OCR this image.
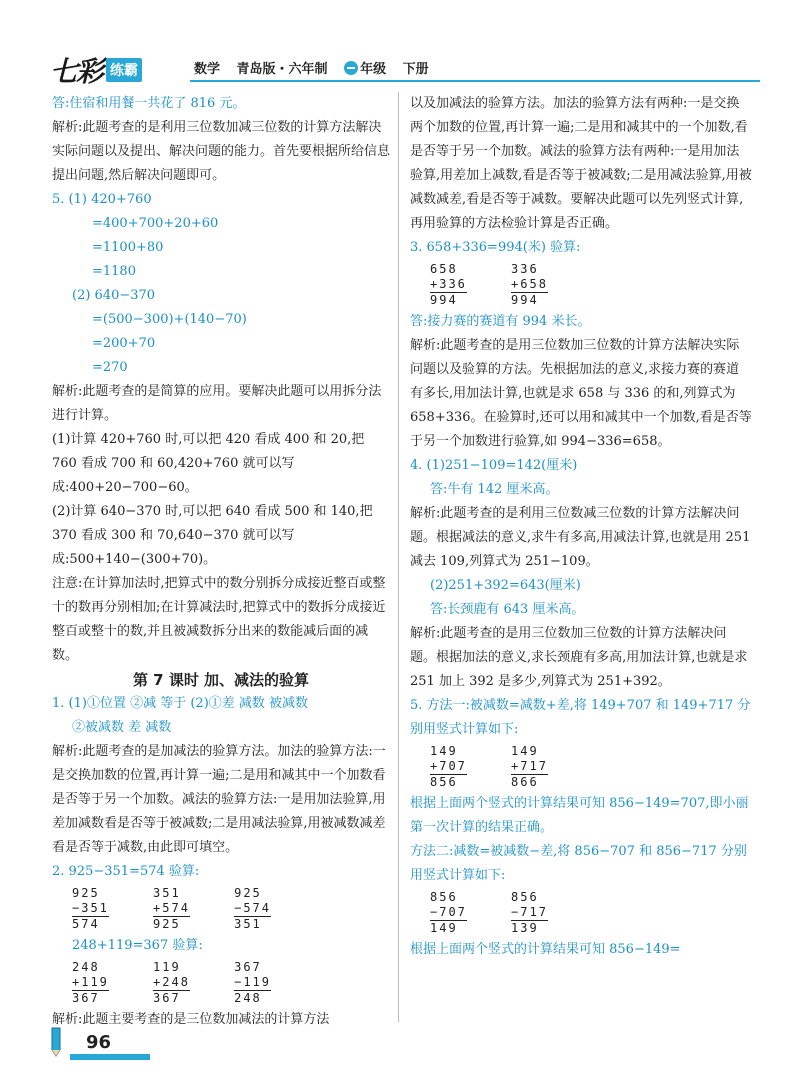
七彩 练霸	数学 青岛版・六年制	年级 下册

答:住宿和用餐一共花了 816 元。

解析:此题考查的是利用三位数加减三位数的计算方法解决实际问题以及提出、解决问题的能力。首先要根据所给信息提出问题,然后解决问题即可。

5. (1) 420+760

=400+700+20+60

=1100+80

=1180

(2) 640−370

=(500−300)+(140−70)

=200+70

=270

解析:此题考查的是简算的应用。要解决此题可以用拆分法进行计算。

(1)计算 420+760 时,可以把 420 看成 400 和 20,把 760 看成 700 和 60,420+760 就可以写成:400+20−700−60。

(2)计算 640−370 时,可以把 640 看成 500 和 140,把 370 看成 300 和 70,640−370 就可以写成:500+140−(300+70)。

注意:在计算加法时,把算式中的数分别拆分成接近整百或整十的数再分别相加;在计算减法时,把算式中的数拆分成接近整百或整十的数,并且被减数拆分出来的数能减后面的减数。

第 7 课时 加、减法的验算

1. (1)①位置 ②减 等于 (2)①差 减数 被减数

②被减数 差 减数

解析:此题考查的是加减法的验算方法。加法的验算方法:一是交换加数的位置,再计算一遍;二是用和减其中一个加数看是否等于另一个加数。减法的验算方法:一是用加法验算,用差加减数看是否等于被减数;二是用减法验算,用被减数减差看是否等于减数,由此即可填空。

2. 925−351=574 验算:

925
−351
574

351
+574
925

925
−574
351

248+119=367 验算:

248
+119
367

119
+248
367

367
−119
248

解析:此题主要考查的是三位数加减法的计算方法

以及加减法的验算方法。加法的验算方法有两种:一是交换两个加数的位置,再计算一遍;二是用和减其中的一个加数,看是否等于另一个加数。减法的验算方法有两种:一是用加法验算,用差加上减数,看是否等于被减数;二是用减法验算,用被减数减差,看是否等于减数。要解决此题可以先列竖式计算,再用验算的方法检验计算是否正确。

3. 658+336=994(米) 验算:

658
+336
994

336
+658
994

答:接力赛的赛道有 994 米长。

解析:此题考查的是用三位数加三位数的计算方法解决实际问题以及验算的方法。先根据加法的意义,求接力赛的赛道有多长,用加法计算,也就是求 658 与 336 的和,列算式为 658+336。在验算时,还可以用和减其中一个加数,看是否等于另一个加数进行验算,如 994−336=658。

4. (1)251−109=142(厘米)

答:牛有 142 厘米高。

解析:此题考查的是利用三位数减三位数的计算方法解决问题。根据减法的意义,求牛有多高,用减法计算,也就是用 251 减去 109,列算式为 251−109。

(2)251+392=643(厘米)

答:长颈鹿有 643 厘米高。

解析:此题考查的是用三位数加三位数的计算方法解决问题。根据加法的意义,求长颈鹿有多高,用加法计算,也就是求 251 加上 392 是多少,列算式为 251+392。

5. 方法一:被减数=减数+差,将 149+707 和 149+717 分别用竖式计算如下:

149
+707
856

149
+717
866

根据上面两个竖式的计算结果可知 856−149=707,即小丽第一次计算的结果正确。

方法二:减数=被减数−差,将 856−707 和 856−717 分别用竖式计算如下:

856
−707
149

856
−717
139

根据上面两个竖式的计算结果可知 856−149=

96
